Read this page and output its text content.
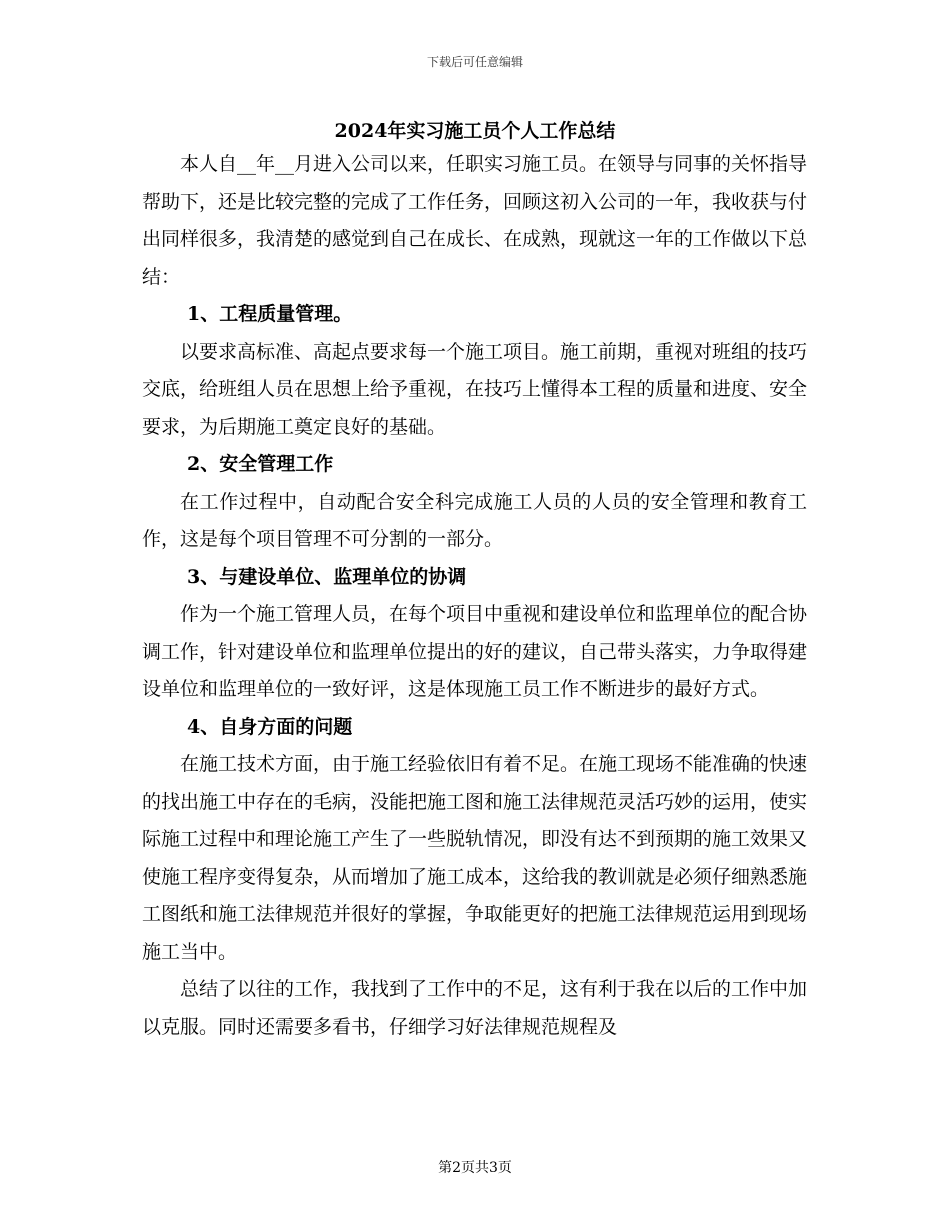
下载后可任意编辑
2024年实习施工员个人工作总结

本人自__年__月进入公司以来，任职实习施工员。在领导与同事的关怀指导帮助下，还是比较完整的完成了工作任务，回顾这初入公司的一年，我收获与付出同样很多，我清楚的感觉到自己在成长、在成熟，现就这一年的工作做以下总结：

1、工程质量管理。

以要求高标准、高起点要求每一个施工项目。施工前期，重视对班组的技巧交底，给班组人员在思想上给予重视，在技巧上懂得本工程的质量和进度、安全要求，为后期施工奠定良好的基础。

2、安全管理工作

在工作过程中，自动配合安全科完成施工人员的人员的安全管理和教育工作，这是每个项目管理不可分割的一部分。

3、与建设单位、监理单位的协调

作为一个施工管理人员，在每个项目中重视和建设单位和监理单位的配合协调工作，针对建设单位和监理单位提出的好的建议，自己带头落实，力争取得建设单位和监理单位的一致好评，这是体现施工员工作不断进步的最好方式。

4、自身方面的问题

在施工技术方面，由于施工经验依旧有着不足。在施工现场不能准确的快速的找出施工中存在的毛病，没能把施工图和施工法律规范灵活巧妙的运用，使实际施工过程中和理论施工产生了一些脱轨情况，即没有达不到预期的施工效果又使施工程序变得复杂，从而增加了施工成本，这给我的教训就是必须仔细熟悉施工图纸和施工法律规范并很好的掌握，争取能更好的把施工法律规范运用到现场施工当中。

总结了以往的工作，我找到了工作中的不足，这有利于我在以后的工作中加以克服。同时还需要多看书，仔细学习好法律规范规程及

第2页共3页
